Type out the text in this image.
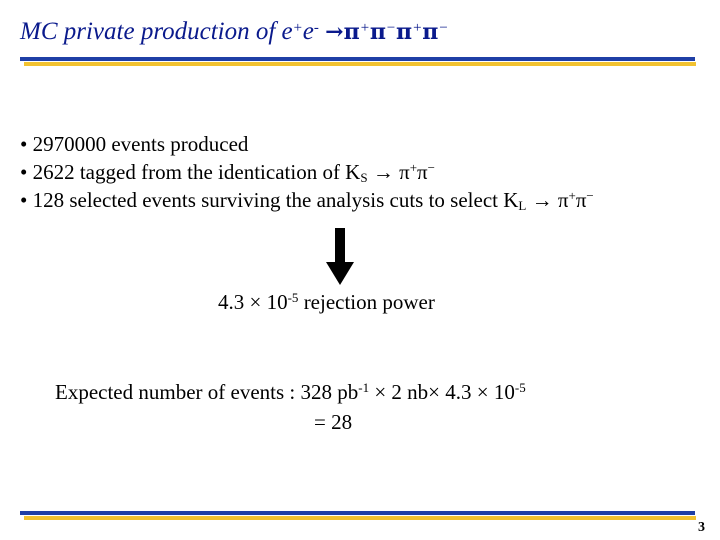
MC private production of e+e- →π+π−π+π−
• 2970000 events produced
• 2622 tagged from the identication of $K_S \to \pi^+\pi^-$
• 128 selected events surviving the analysis cuts to select $K_L \to \pi^+\pi^-$
$4.3 \times 10^{-5}$ rejection power
Expected number of events : 328 $pb^{-1} \times 2$ $nb\times 4.3 \times 10^{-5}$
= 28
3
